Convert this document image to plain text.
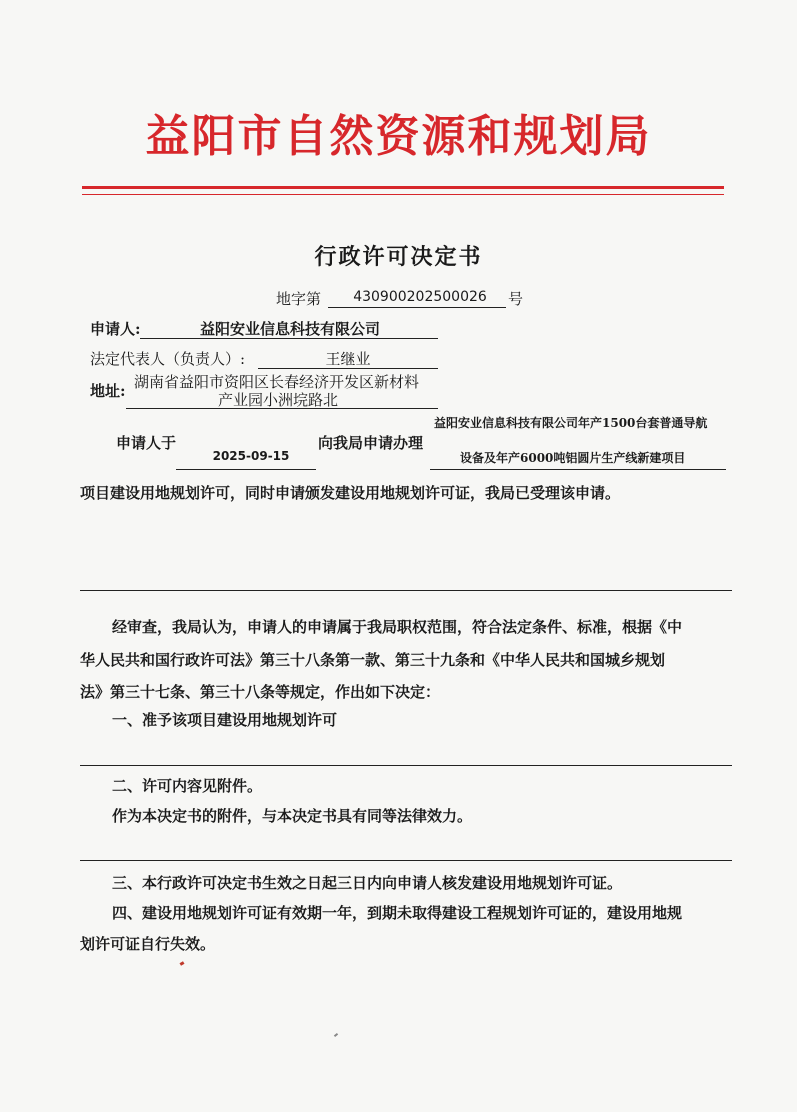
益阳市自然资源和规划局
行政许可决定书
地字第	430900202500026	号
申请人:	益阳安业信息科技有限公司
法定代表人（负责人）:	王继业
地址: 湖南省益阳市资阳区长春经济开发区新材料
产业园小洲垸路北
申请人于
2025-09-15
向我局申请办理
益阳安业信息科技有限公司年产1500台套普通导航
设备及年产6000吨铝圆片生产线新建项目
项目建设用地规划许可，同时申请颁发建设用地规划许可证，我局已受理该申请。
经审查，我局认为，申请人的申请属于我局职权范围，符合法定条件、标准，根据《中
华人民共和国行政许可法》第三十八条第一款、第三十九条和《中华人民共和国城乡规划
法》第三十七条、第三十八条等规定，作出如下决定：
一、准予该项目建设用地规划许可
二、许可内容见附件。
作为本决定书的附件，与本决定书具有同等法律效力。
三、本行政许可决定书生效之日起三日内向申请人核发建设用地规划许可证。
四、建设用地规划许可证有效期一年，到期未取得建设工程规划许可证的，建设用地规
划许可证自行失效。
